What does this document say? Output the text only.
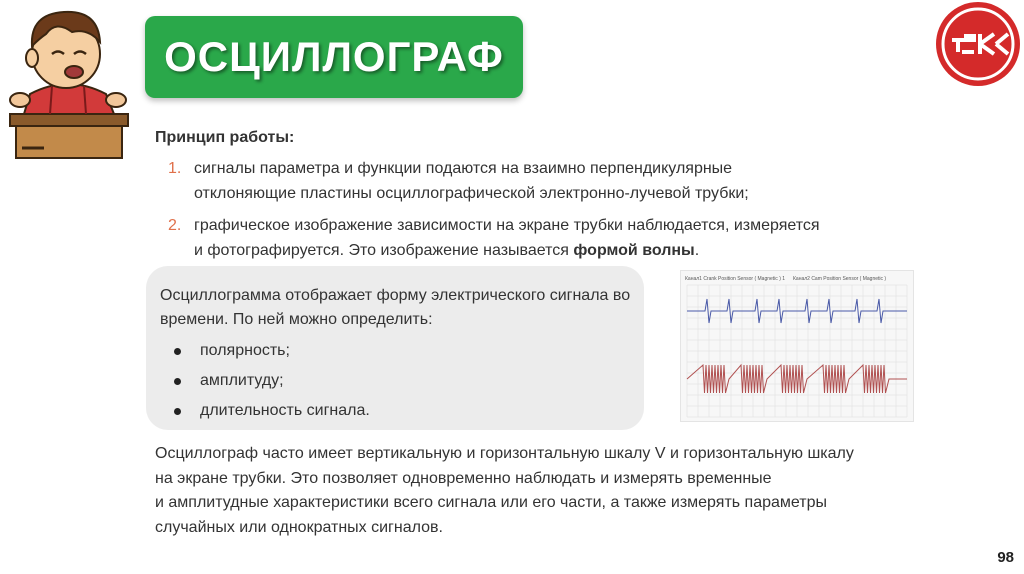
ОСЦИЛЛОГРАФ
Принцип работы:
1. сигналы параметра и функции подаются на взаимно перпендикулярные
отклоняющие пластины осциллографической электронно-лучевой трубки;
2. графическое изображение зависимости на экране трубки наблюдается, измеряется
и фотографируется. Это изображение называется формой волны.
Осциллограмма отображает форму электрического сигнала во времени. По ней можно определить:
полярность;
амплитуду;
длительность сигнала.
Канал1 Crank Position Sensor ( Magnetic ) 1 Канал2 Cam Position Sensor ( Magnetic )
Осциллограф часто имеет вертикальную и горизонтальную шкалу V и горизонтальную шкалу
на экране трубки. Это позволяет одновременно наблюдать и измерять временные
и амплитудные характеристики всего сигнала или его части, а также измерять параметры
случайных или однократных сигналов.
98
